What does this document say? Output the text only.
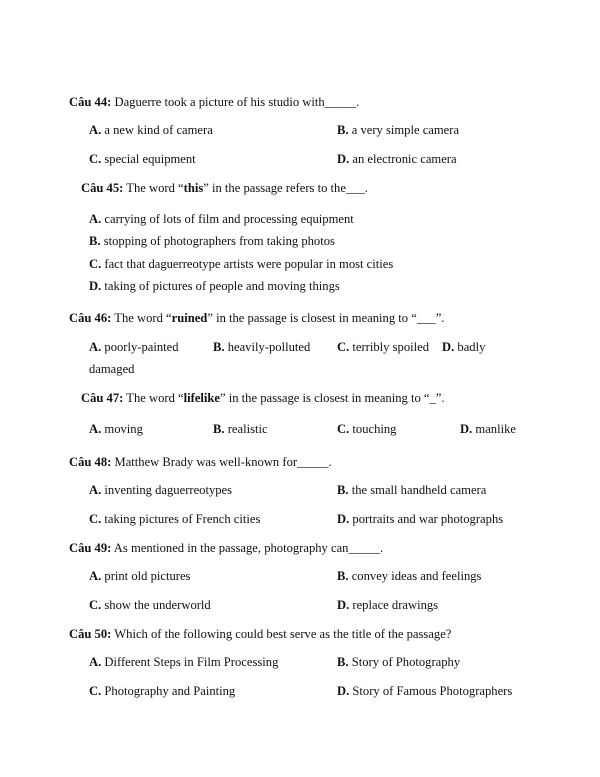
Câu 44: Daguerre took a picture of his studio with_____.
A. a new kind of camera	B. a very simple camera
C. special equipment	D. an electronic camera
Câu 45: The word “this” in the passage refers to the___.
A. carrying of lots of film and processing equipment
B. stopping of photographers from taking photos
C. fact that daguerreotype artists were popular in most cities
D. taking of pictures of people and moving things
Câu 46: The word “ruined” in the passage is closest in meaning to “___”.
A. poorly-painted	B. heavily-polluted C. terribly spoiled D. badly
damaged
Câu 47: The word “lifelike” in the passage is closest in meaning to “_”.
A. moving	B. realistic	C. touching	D. manlike
Câu 48: Matthew Brady was well-known for_____.
A. inventing daguerreotypes	B. the small handheld camera
C. taking pictures of French cities	D. portraits and war photographs
Câu 49: As mentioned in the passage, photography can_____.
A. print old pictures	B. convey ideas and feelings
C. show the underworld	D. replace drawings
Câu 50: Which of the following could best serve as the title of the passage?
A. Different Steps in Film Processing	B. Story of Photography
C. Photography and Painting	D. Story of Famous Photographers
